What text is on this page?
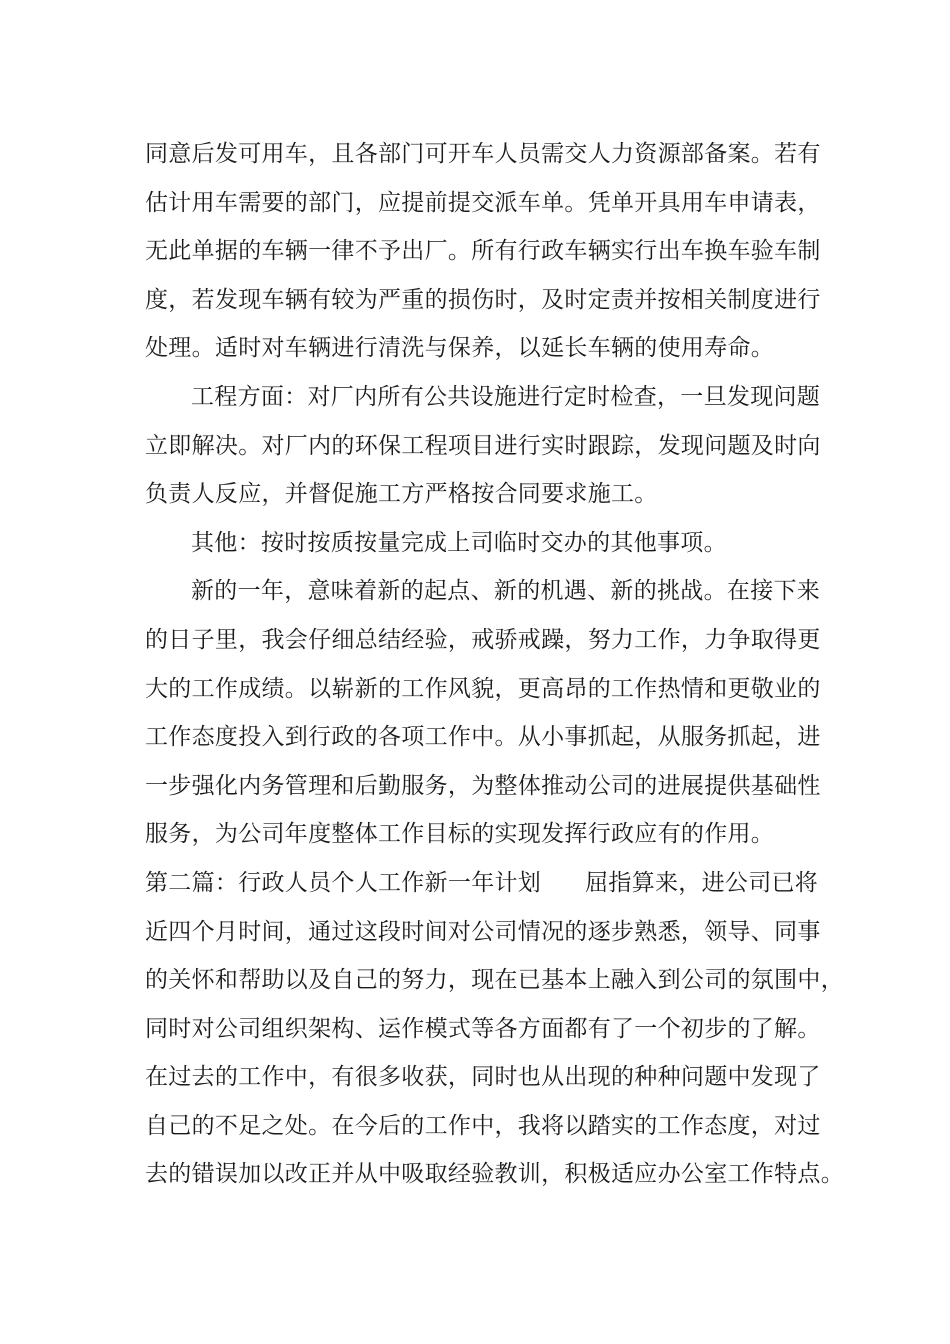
同意后发可用车，且各部门可开车人员需交人力资源部备案。若有
估计用车需要的部门，应提前提交派车单。凭单开具用车申请表，
无此单据的车辆一律不予出厂。所有行政车辆实行出车换车验车制
度，若发现车辆有较为严重的损伤时，及时定责并按相关制度进行
处理。适时对车辆进行清洗与保养，以延长车辆的使用寿命。
工程方面：对厂内所有公共设施进行定时检查，一旦发现问题
立即解决。对厂内的环保工程项目进行实时跟踪，发现问题及时向
负责人反应，并督促施工方严格按合同要求施工。
其他：按时按质按量完成上司临时交办的其他事项。
新的一年，意味着新的起点、新的机遇、新的挑战。在接下来
的日子里，我会仔细总结经验，戒骄戒躁，努力工作，力争取得更
大的工作成绩。以崭新的工作风貌，更高昂的工作热情和更敬业的
工作态度投入到行政的各项工作中。从小事抓起，从服务抓起，进
一步强化内务管理和后勤服务，为整体推动公司的进展提供基础性
服务，为公司年度整体工作目标的实现发挥行政应有的作用。
第二篇：行政人员个人工作新一年计划 屈指算来，进公司已将
近四个月时间，通过这段时间对公司情况的逐步熟悉，领导、同事
的关怀和帮助以及自己的努力，现在已基本上融入到公司的氛围中，
同时对公司组织架构、运作模式等各方面都有了一个初步的了解。
在过去的工作中，有很多收获，同时也从出现的种种问题中发现了
自己的不足之处。在今后的工作中，我将以踏实的工作态度，对过
去的错误加以改正并从中吸取经验教训，积极适应办公室工作特点。
